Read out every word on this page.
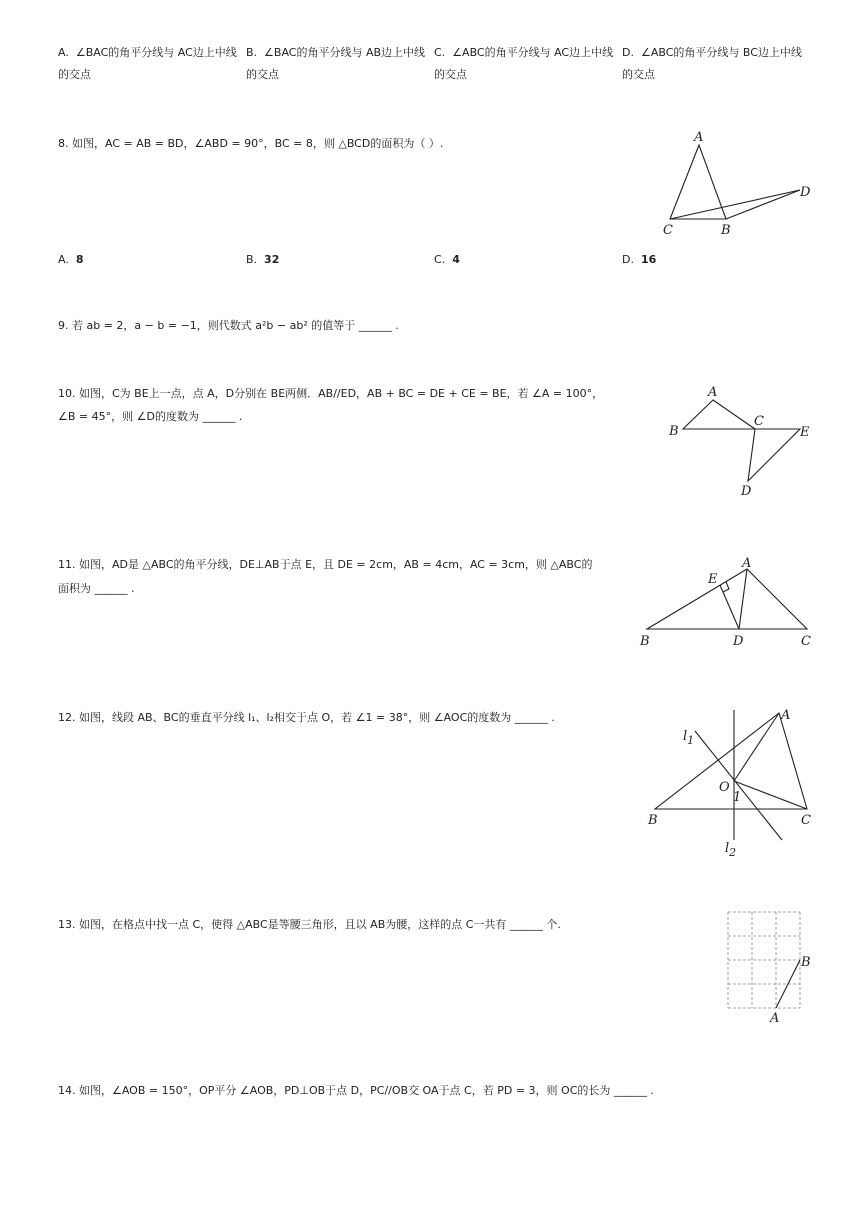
A. ∠BAC的角平分线与 AC边上中线的交点
B. ∠BAC的角平分线与 AB边上中线的交点
C. ∠ABC的角平分线与 AC边上中线的交点
D. ∠ABC的角平分线与 BC边上中线的交点
8. 如图，AC = AB = BD，∠ABD = 90°，BC = 8，则 △BCD的面积为（ ）.	A
C	B
D
A. 8	B. 32	C. 4	D. 16
9. 若 ab = 2，a − b = −1，则代数式 a²b − ab² 的值等于 ______ .
10. 如图，C为 BE上一点，点 A，D分别在 BE两侧．AB//ED，AB + BC = DE + CE = BE，若 ∠A = 100°，
∠B = 45°，则 ∠D的度数为 ______ .
A
B
C
E
D
11. 如图，AD是 △ABC的角平分线，DE⊥AB于点 E，且 DE = 2cm，AB = 4cm，AC = 3cm，则 △ABC的
面积为 ______ .
E
A
B	D	C
12. 如图，线段 AB、BC的垂直平分线 l₁、l₂相交于点 O，若 ∠1 = 38°，则 ∠AOC的度数为 ______ .
$l_1$
A
O
1
B	C
$l_2$
13. 如图，在格点中找一点 C，使得 △ABC是等腰三角形，且以 AB为腰，这样的点 C一共有 ______ 个.
B
A
14. 如图，∠AOB = 150°，OP平分 ∠AOB，PD⊥OB于点 D，PC//OB交 OA于点 C，若 PD = 3，则 OC的长为 ______ .
